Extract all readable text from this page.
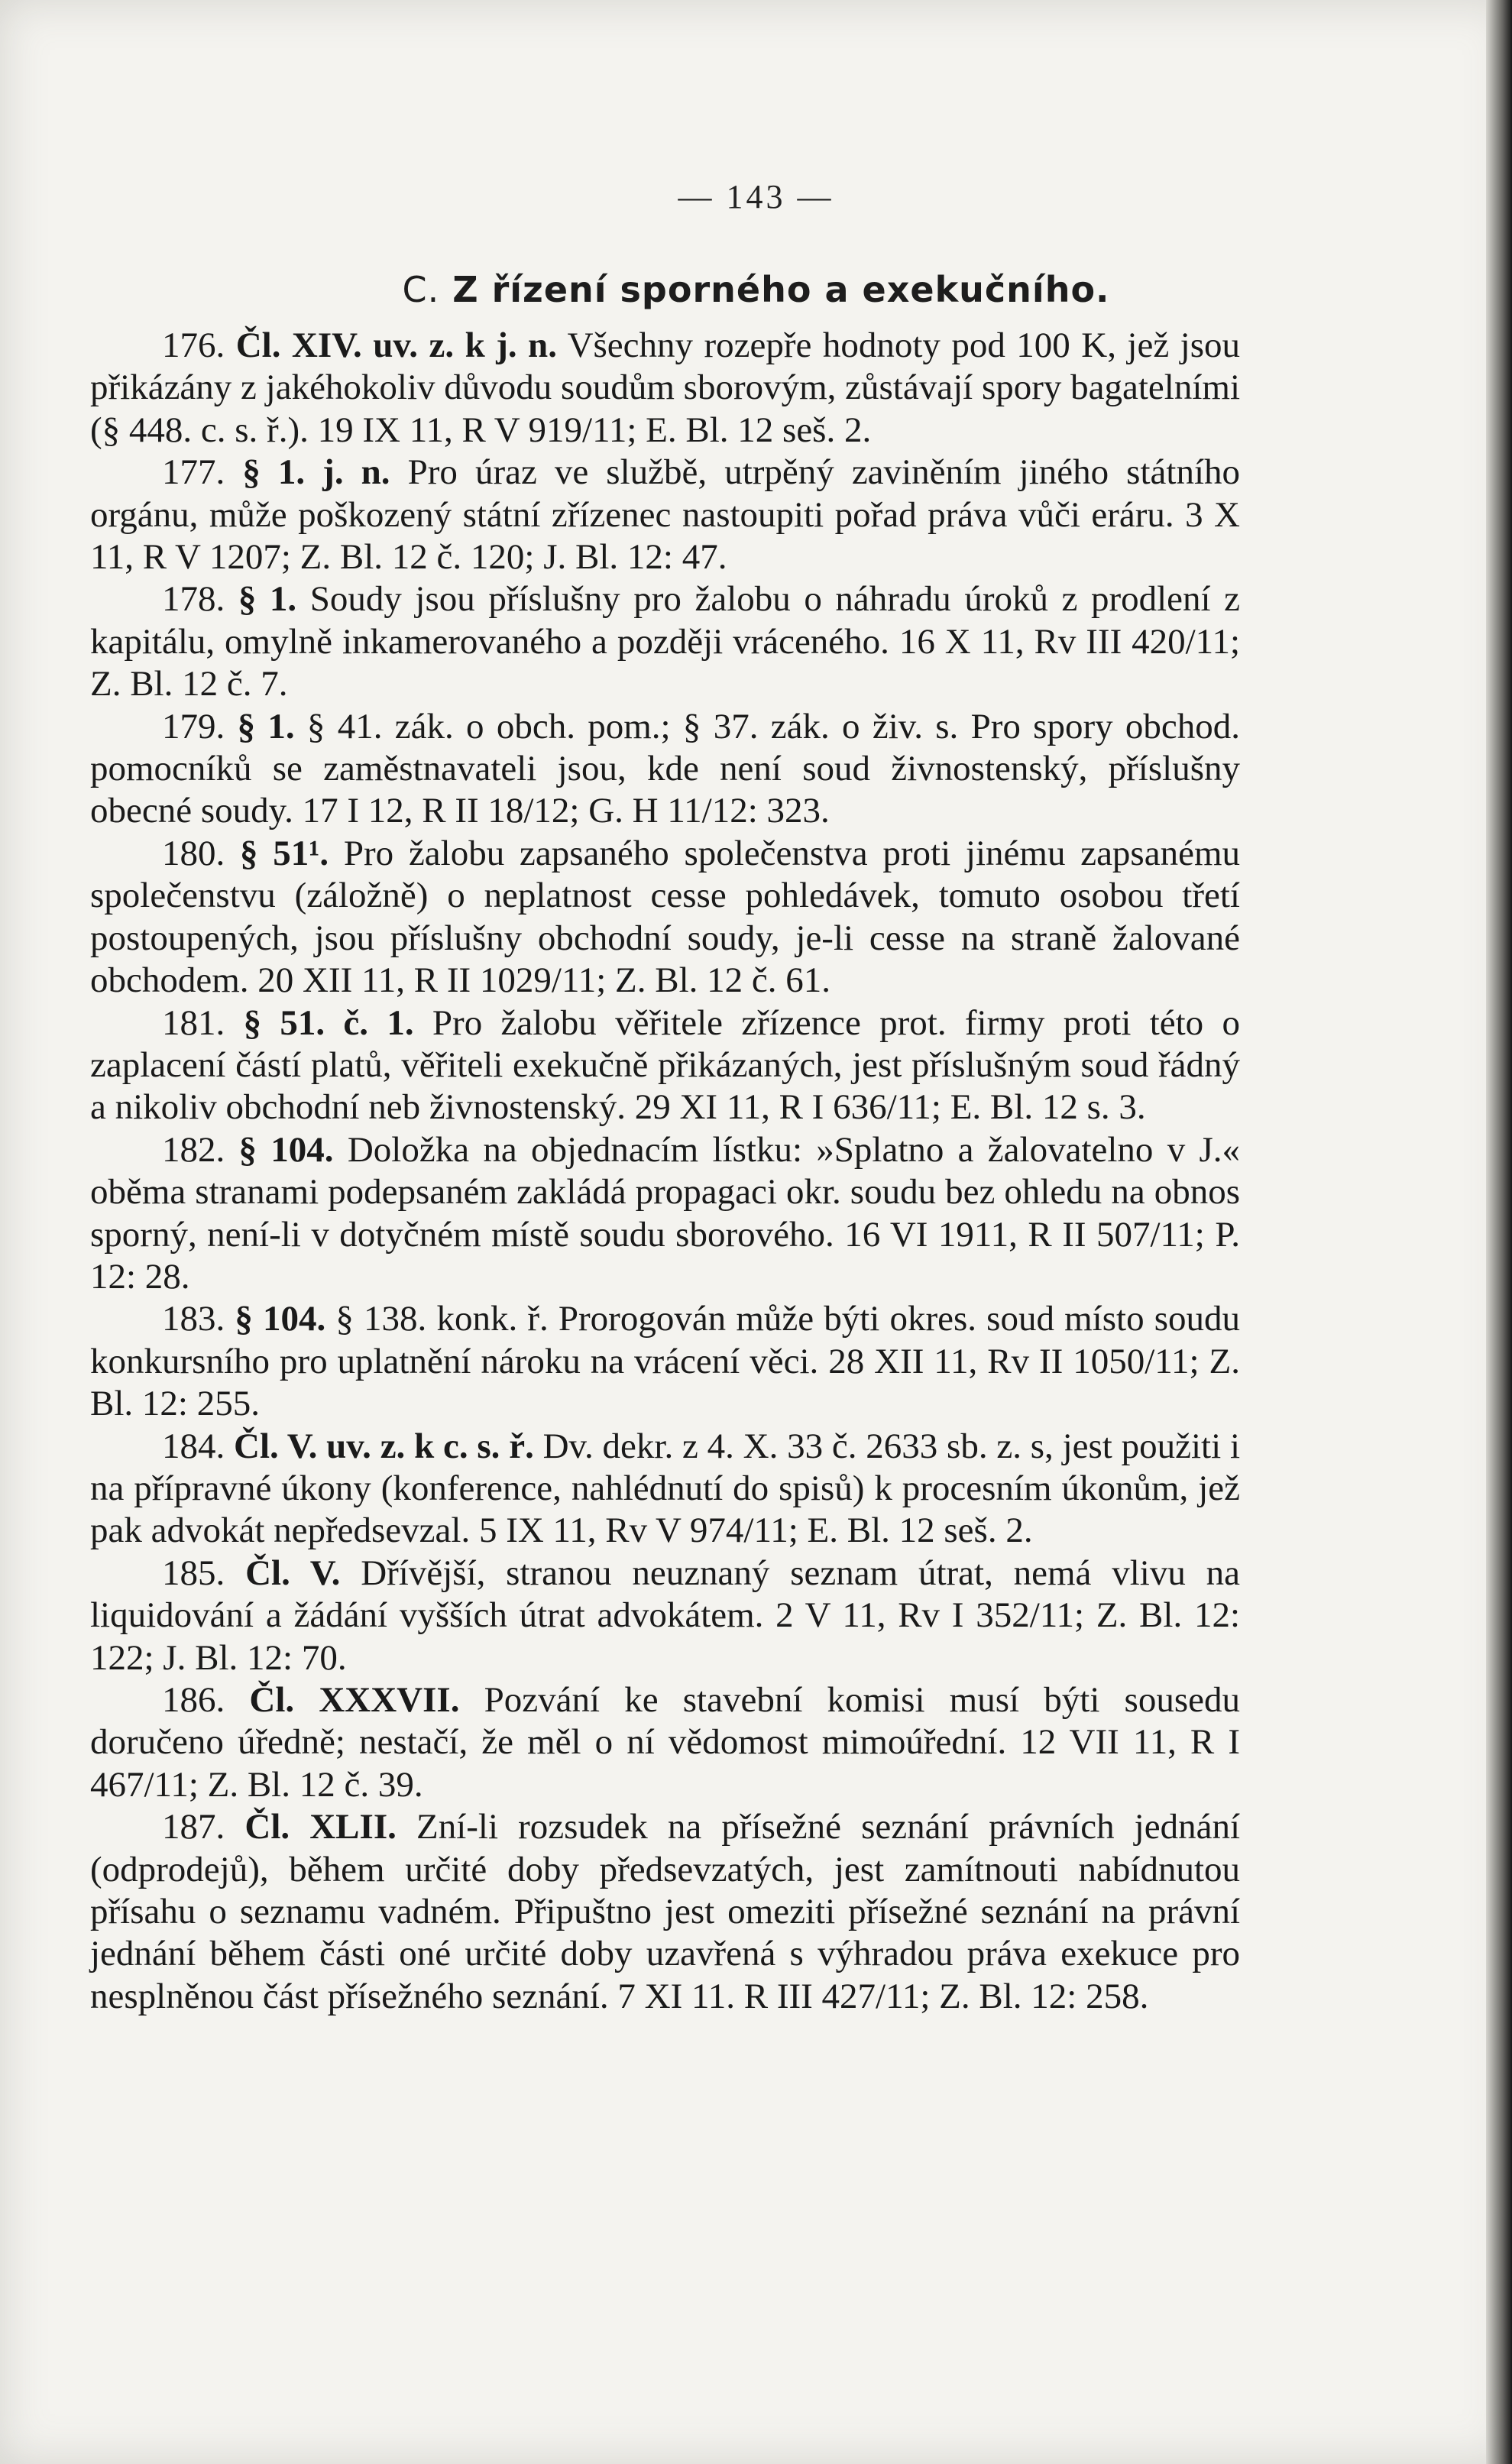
— 143 —
C. Z řízení sporného a exekučního.

176. Čl. XIV. uv. z. k j. n. Všechny rozepře hodnoty pod 100 K, jež jsou přikázány z jakéhokoliv důvodu soudům sborovým, zůstávají spory bagatelními (§ 448. c. s. ř.). 19 IX 11, R V 919/11; E. Bl. 12 seš. 2.

177. § 1. j. n. Pro úraz ve službě, utrpěný zaviněním jiného státního orgánu, může poškozený státní zřízenec nastoupiti pořad práva vůči eráru. 3 X 11, R V 1207; Z. Bl. 12 č. 120; J. Bl. 12: 47.

178. § 1. Soudy jsou příslušny pro žalobu o náhradu úroků z prodlení z kapitálu, omylně inkamerovaného a později vráceného. 16 X 11, Rv III 420/11; Z. Bl. 12 č. 7.

179. § 1. § 41. zák. o obch. pom.; § 37. zák. o živ. s. Pro spory obchod. pomocníků se zaměstnavateli jsou, kde není soud živnostenský, příslušny obecné soudy. 17 I 12, R II 18/12; G. H 11/12: 323.

180. § 51¹. Pro žalobu zapsaného společenstva proti jinému zapsanému společenstvu (záložně) o neplatnost cesse pohledávek, tomuto osobou třetí postoupených, jsou příslušny obchodní soudy, je-li cesse na straně žalované obchodem. 20 XII 11, R II 1029/11; Z. Bl. 12 č. 61.

181. § 51. č. 1. Pro žalobu věřitele zřízence prot. firmy proti této o zaplacení částí platů, věřiteli exekučně přikázaných, jest příslušným soud řádný a nikoliv obchodní neb živnostenský. 29 XI 11, R I 636/11; E. Bl. 12 s. 3.

182. § 104. Doložka na objednacím lístku: »Splatno a žalovatelno v J.« oběma stranami podepsaném zakládá propagaci okr. soudu bez ohledu na obnos sporný, není-li v dotyčném místě soudu sborového. 16 VI 1911, R II 507/11; P. 12: 28.

183. § 104. § 138. konk. ř. Prorogován může býti okres. soud místo soudu konkursního pro uplatnění nároku na vrácení věci. 28 XII 11, Rv II 1050/11; Z. Bl. 12: 255.

184. Čl. V. uv. z. k c. s. ř. Dv. dekr. z 4. X. 33 č. 2633 sb. z. s, jest použiti i na přípravné úkony (konference, nahlédnutí do spisů) k procesním úkonům, jež pak advokát nepředsevzal. 5 IX 11, Rv V 974/11; E. Bl. 12 seš. 2.

185. Čl. V. Dřívější, stranou neuznaný seznam útrat, nemá vlivu na liquidování a žádání vyšších útrat advokátem. 2 V 11, Rv I 352/11; Z. Bl. 12: 122; J. Bl. 12: 70.

186. Čl. XXXVII. Pozvání ke stavební komisi musí býti sousedu doručeno úředně; nestačí, že měl o ní vědomost mimoúřední. 12 VII 11, R I 467/11; Z. Bl. 12 č. 39.

187. Čl. XLII. Zní-li rozsudek na přísežné seznání právních jednání (odprodejů), během určité doby předsevzatých, jest zamítnouti nabídnutou přísahu o seznamu vadném. Připuštno jest omeziti přísežné seznání na právní jednání během části oné určité doby uzavřená s výhradou práva exekuce pro nesplněnou část přísežného seznání. 7 XI 11. R III 427/11; Z. Bl. 12: 258.
